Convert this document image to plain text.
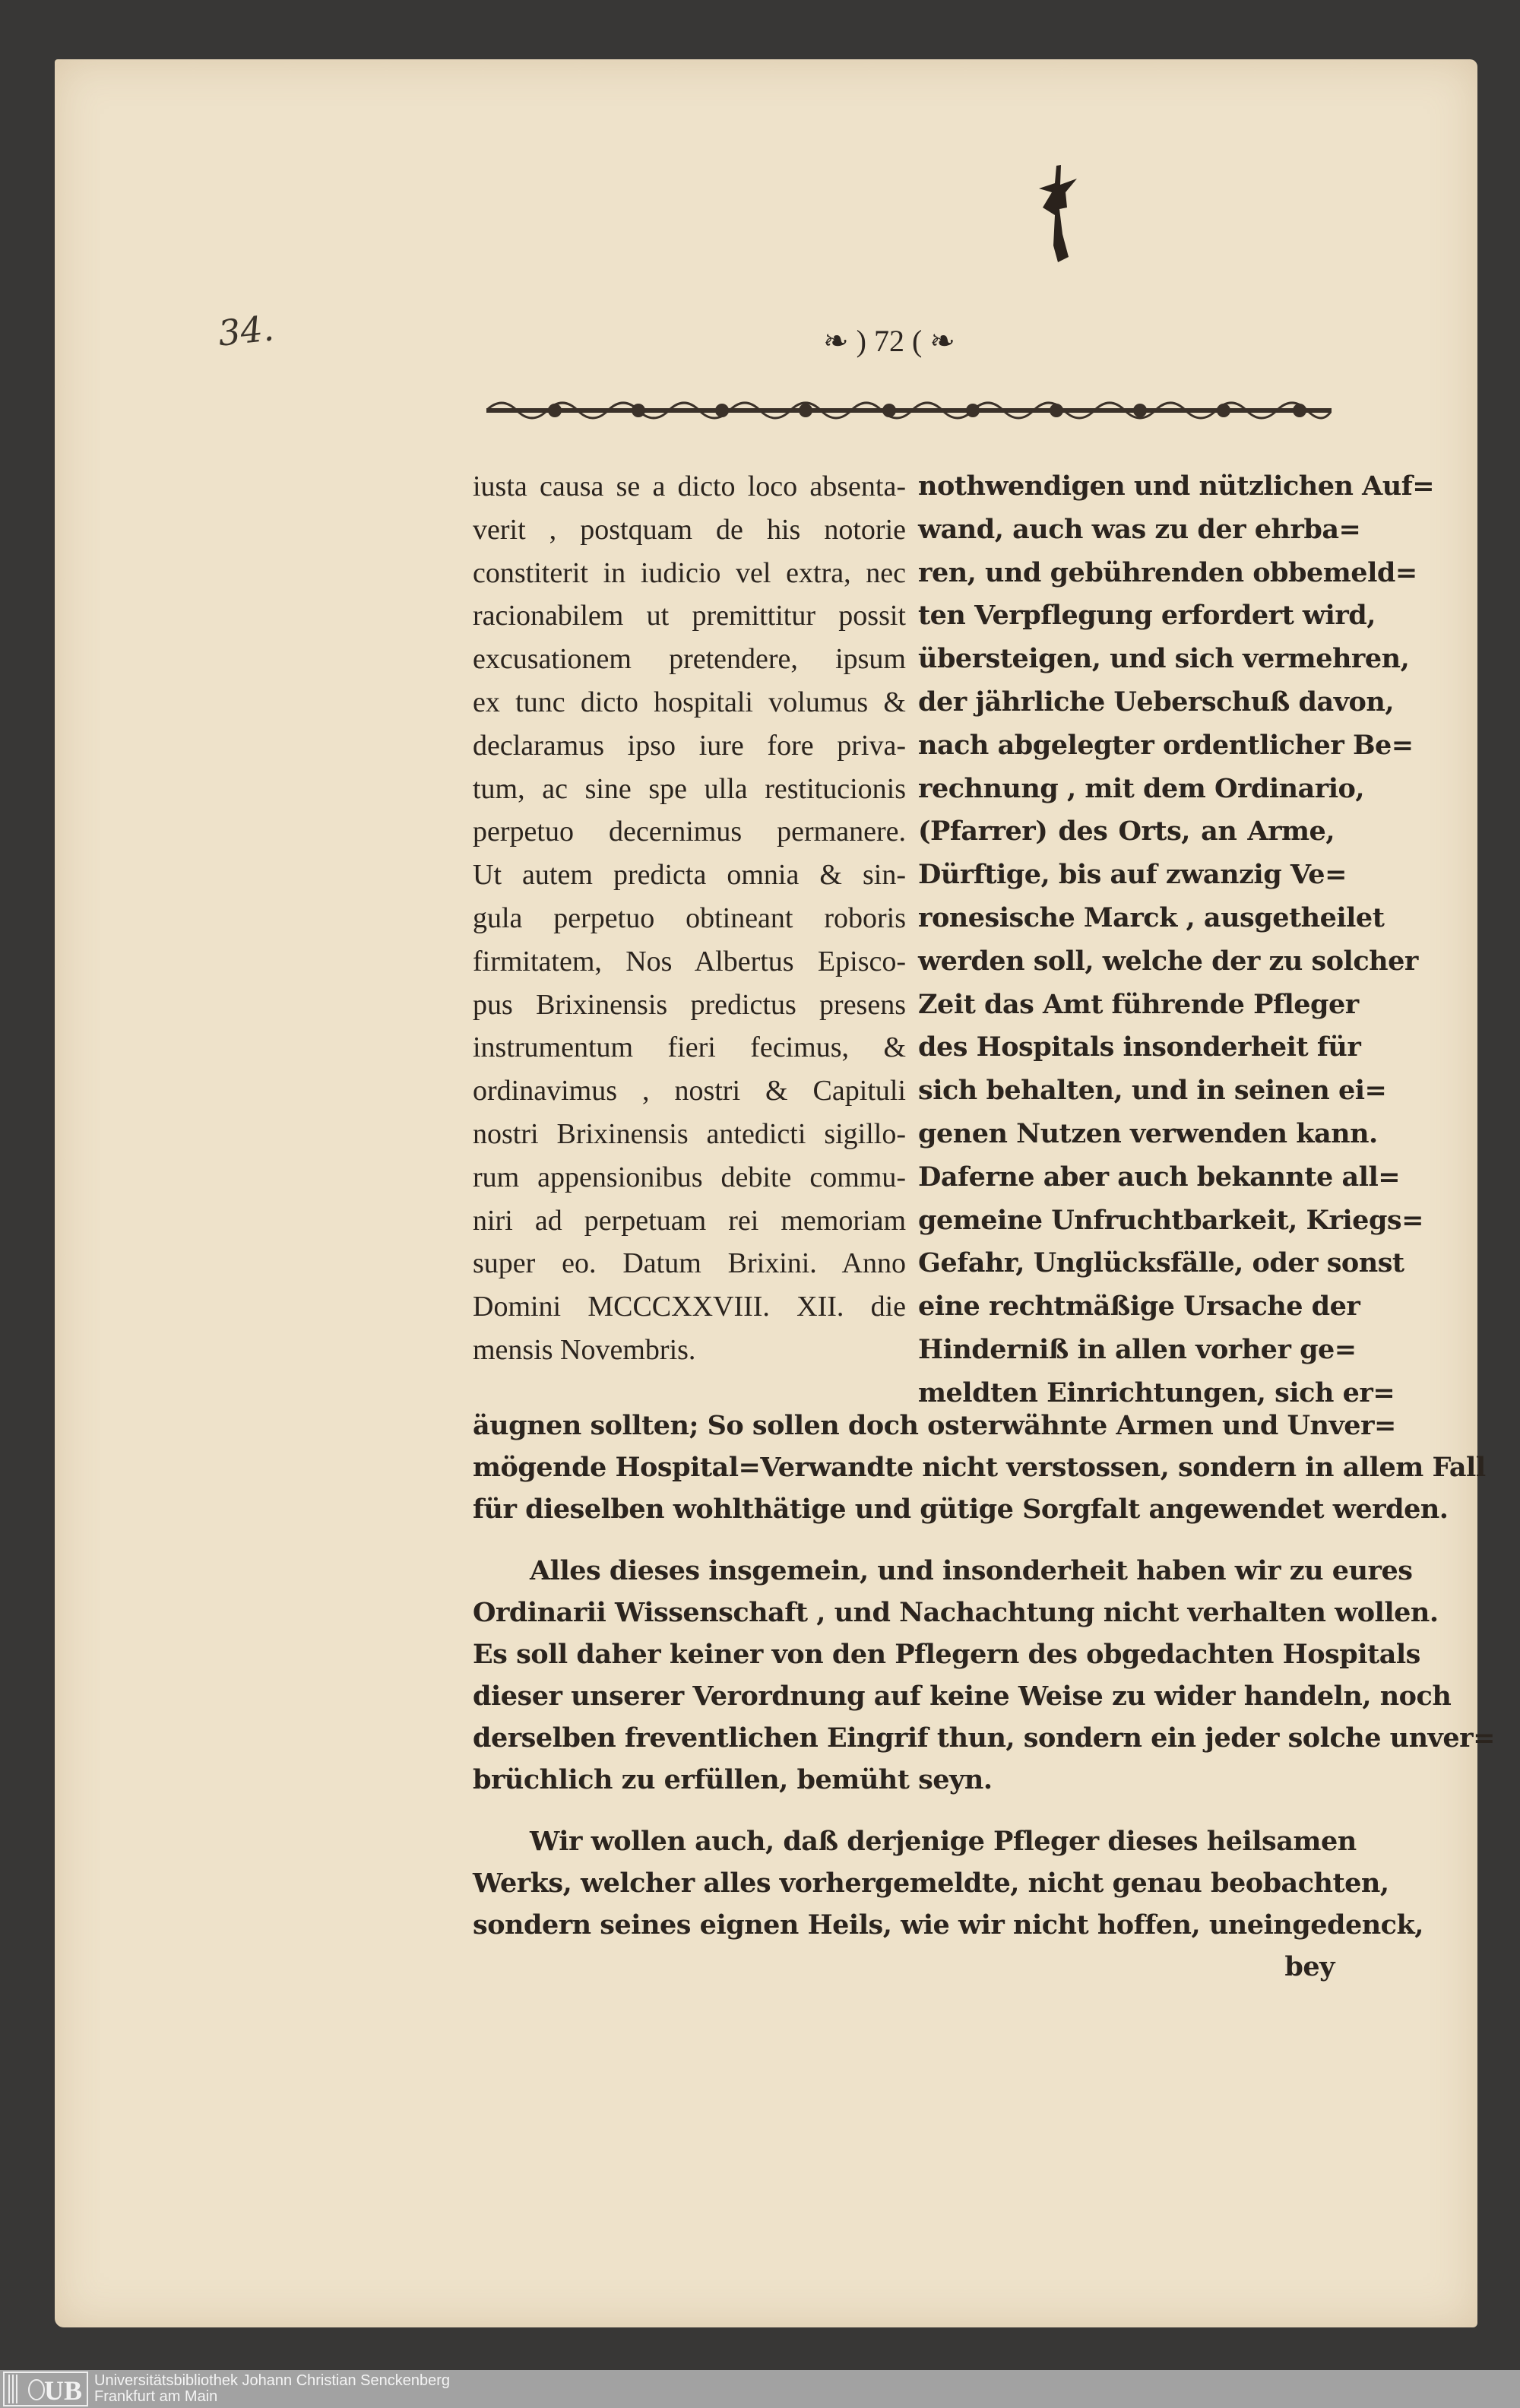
34.	❧ ) 72 ( ❧
iusta causa se a dicto loco absenta-
verit , postquam de his notorie
constiterit in iudicio vel extra, nec
racionabilem ut premittitur possit
excusationem pretendere, ipsum
ex tunc dicto hospitali volumus &
declaramus ipso iure fore priva-
tum, ac sine spe ulla restitucionis
perpetuo decernimus permanere.
Ut autem predicta omnia & sin-
gula perpetuo obtineant roboris
firmitatem, Nos Albertus Episco-
pus Brixinensis predictus presens
instrumentum fieri fecimus, &
ordinavimus , nostri & Capituli
nostri Brixinensis antedicti sigillo-
rum appensionibus debite commu-
niri ad perpetuam rei memoriam
super eo. Datum Brixini. Anno
Domini MCCCXXVIII. XII. die
mensis Novembris.
nothwendigen und nützlichen Auf=
wand, auch was zu der ehrba=
ren, und gebührenden obbemeld=
ten Verpflegung erfordert wird,
übersteigen, und sich vermehren,
der jährliche Ueberschuß davon,
nach abgelegter ordentlicher Be=
rechnung , mit dem Ordinario,
(Pfarrer) des Orts, an Arme,
Dürftige, bis auf zwanzig Ve=
ronesische Marck , ausgetheilet
werden soll, welche der zu solcher
Zeit das Amt führende Pfleger
des Hospitals insonderheit für
sich behalten, und in seinen ei=
genen Nutzen verwenden kann.
Daferne aber auch bekannte all=
gemeine Unfruchtbarkeit, Kriegs=
Gefahr, Unglücksfälle, oder sonst
eine rechtmäßige Ursache der
Hinderniß in allen vorher ge=
meldten Einrichtungen, sich er=
äugnen sollten; So sollen doch osterwähnte Armen und Unver=
mögende Hospital=Verwandte nicht verstossen, sondern in allem Fall
für dieselben wohlthätige und gütige Sorgfalt angewendet werden.
Alles dieses insgemein, und insonderheit haben wir zu eures
Ordinarii Wissenschaft , und Nachachtung nicht verhalten wollen.
Es soll daher keiner von den Pflegern des obgedachten Hospitals
dieser unserer Verordnung auf keine Weise zu wider handeln, noch
derselben freventlichen Eingrif thun, sondern ein jeder solche unver=
brüchlich zu erfüllen, bemüht seyn.
Wir wollen auch, daß derjenige Pfleger dieses heilsamen
Werks, welcher alles vorhergemeldte, nicht genau beobachten,
sondern seines eignen Heils, wie wir nicht hoffen, uneingedenck,
bey
UB Universitätsbibliothek Johann Christian Senckenberg
Frankfurt am Main
